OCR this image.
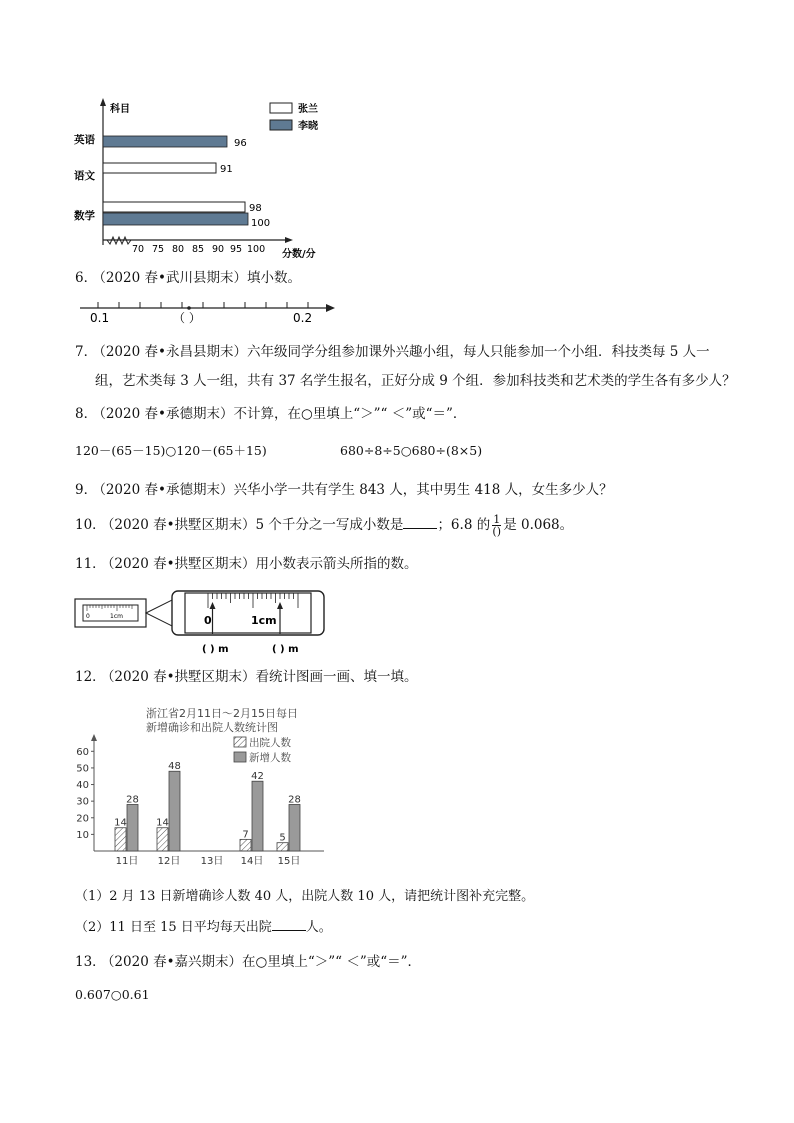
科目
分数/分
70 75 80 85 90 95 100
英语
语文
数学
96
91
98
100
张兰
李晓
6． （2020 春•武川县期末）填小数。
0.1	（ ）	0.2
7． （2020 春•永昌县期末）六年级同学分组参加课外兴趣小组，每人只能参加一个小组．科技类每 5 人一
组，艺术类每 3 人一组，共有 37 名学生报名，正好分成 9 个组．参加科技类和艺术类的学生各有多少人？
8． （2020 春•承德期末）不计算，在○里填上“＞”“ ＜”或“＝”．
120－(65－15)○120－(65＋15)	680÷8÷5○680÷(8×5)
9． （2020 春•承德期末）兴华小学一共有学生 843 人，其中男生 418 人，女生多少人？
10． （2020 春•拱墅区期末）5 个千分之一写成小数是	；6.8 的 1
() 是 0.068。
11． （2020 春•拱墅区期末）用小数表示箭头所指的数。
0	1cm	0	1cm
( ) m	( ) m
12． （2020 春•拱墅区期末）看统计图画一画、填一填。
浙江省2月11日～2月15日每日
新增确诊和出院人数统计图
出院人数
新增人数
10
20
30
40
50
60
11日
14
28
12日
14
48
13日 14日
7
42
15日
5
28
（1）2 月 13 日新增确诊人数 40 人，出院人数 10 人，请把统计图补充完整。
（2）11 日至 15 日平均每天出院	人。
13． （2020 春•嘉兴期末）在○里填上“＞”“ ＜”或“＝”．
0.607○0.61
